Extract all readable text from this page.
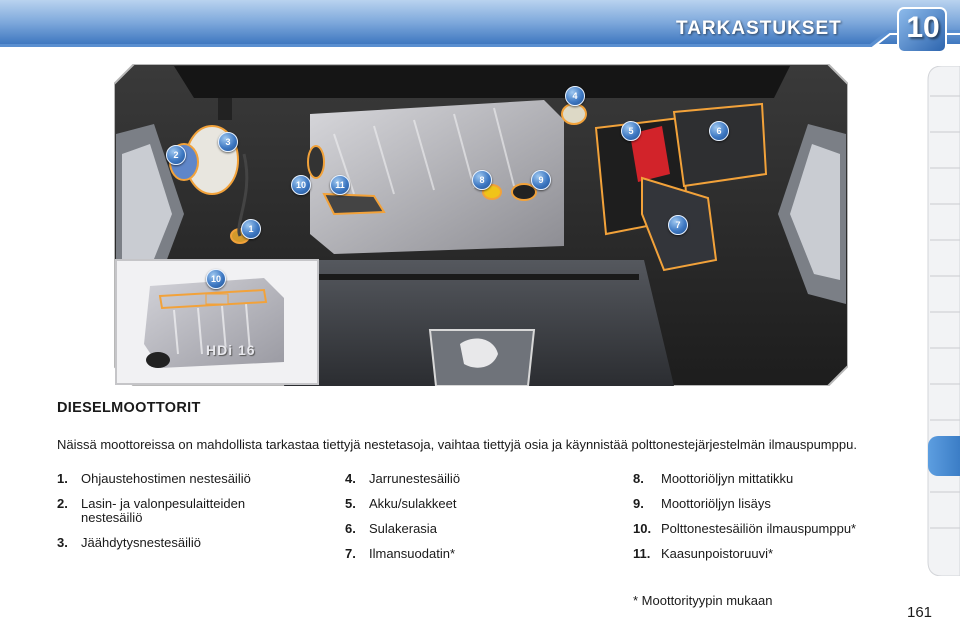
TARKASTUKSET 10
1
2
3
4
5	6
7
8	9
10	11
10
HDi 16
DIESELMOOTTORIT
Näissä moottoreissa on mahdollista tarkastaa tiettyjä nestetasoja, vaihtaa tiettyjä osia ja käynnistää polttonestejärjestelmän ilmauspumppu.
1. Ohjaustehostimen nestesäiliö
2. Lasin- ja valonpesulaitteiden nestesäiliö
3. Jäähdytysnestesäiliö
4. Jarrunestesäiliö
5. Akku/sulakkeet
6. Sulakerasia
7. Ilmansuodatin*
8. Moottoriöljyn mittatikku
9. Moottoriöljyn lisäys
10. Polttonestesäiliön ilmauspumppu*
11. Kaasunpoistoruuvi*
* Moottorityypin mukaan
161
